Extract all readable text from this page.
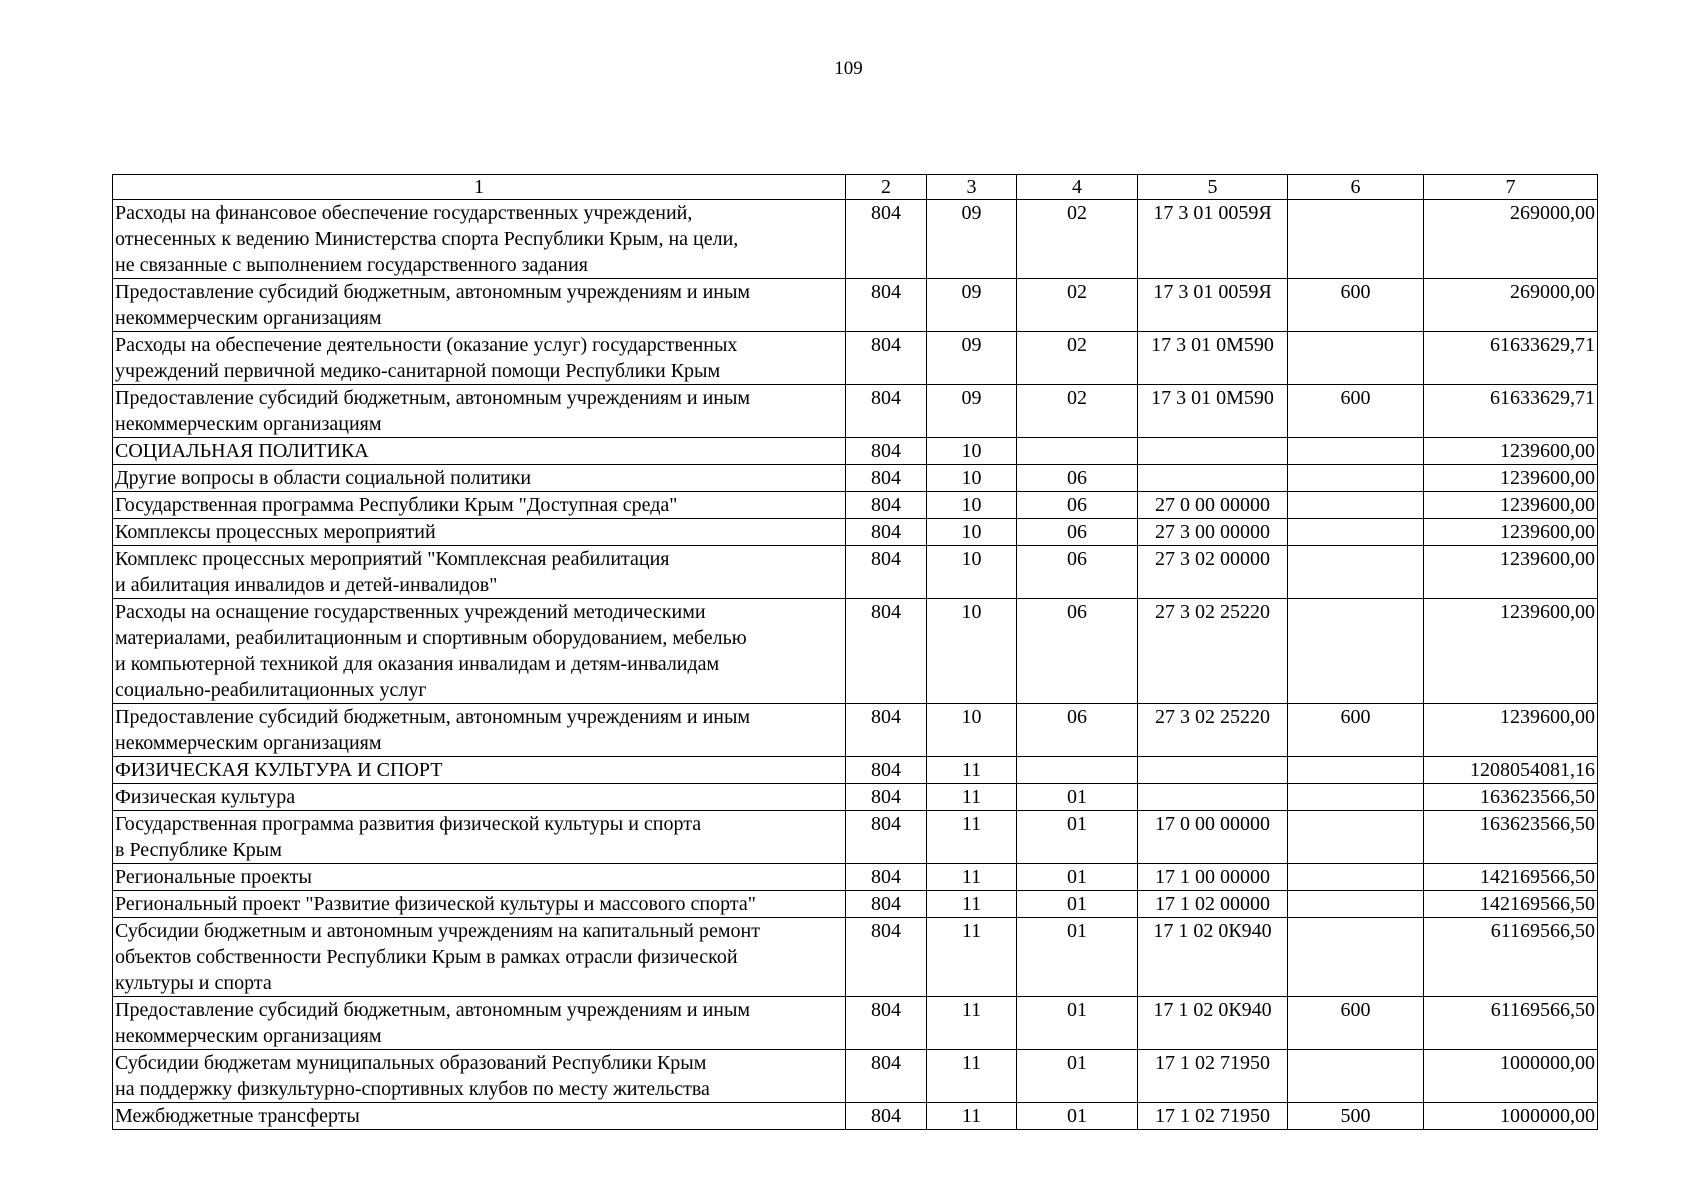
109
1	2	3	4	5	6	7

Расходы на финансовое обеспечение государственных учреждений,
отнесенных к ведению Министерства спорта Республики Крым, на цели,
не связанные с выполнением государственного задания	804	09	02	17 3 01 0059Я		269000,00

Предоставление субсидий бюджетным, автономным учреждениям и иным
некоммерческим организациям	804	09	02	17 3 01 0059Я	600	269000,00

Расходы на обеспечение деятельности (оказание услуг) государственных
учреждений первичной медико-санитарной помощи Республики Крым	804	09	02	17 3 01 0М590		61633629,71

Предоставление субсидий бюджетным, автономным учреждениям и иным
некоммерческим организациям	804	09	02	17 3 01 0М590	600	61633629,71

СОЦИАЛЬНАЯ ПОЛИТИКА	804	10				1239600,00

Другие вопросы в области социальной политики	804	10	06			1239600,00

Государственная программа Республики Крым "Доступная среда"	804	10	06	27 0 00 00000		1239600,00

Комплексы процессных мероприятий	804	10	06	27 3 00 00000		1239600,00

Комплекс процессных мероприятий "Комплексная реабилитация
и абилитация инвалидов и детей-инвалидов"	804	10	06	27 3 02 00000		1239600,00

Расходы на оснащение государственных учреждений методическими
материалами, реабилитационным и спортивным оборудованием, мебелью
и компьютерной техникой для оказания инвалидам и детям-инвалидам
социально-реабилитационных услуг	804	10	06	27 3 02 25220		1239600,00

Предоставление субсидий бюджетным, автономным учреждениям и иным
некоммерческим организациям	804	10	06	27 3 02 25220	600	1239600,00

ФИЗИЧЕСКАЯ КУЛЬТУРА И СПОРТ	804	11				1208054081,16

Физическая культура	804	11	01			163623566,50

Государственная программа развития физической культуры и спорта
в Республике Крым	804	11	01	17 0 00 00000		163623566,50

Региональные проекты	804	11	01	17 1 00 00000		142169566,50

Региональный проект "Развитие физической культуры и массового спорта"	804	11	01	17 1 02 00000		142169566,50

Субсидии бюджетным и автономным учреждениям на капитальный ремонт
объектов собственности Республики Крым в рамках отрасли физической
культуры и спорта	804	11	01	17 1 02 0К940		61169566,50

Предоставление субсидий бюджетным, автономным учреждениям и иным
некоммерческим организациям	804	11	01	17 1 02 0К940	600	61169566,50

Субсидии бюджетам муниципальных образований Республики Крым
на поддержку физкультурно-спортивных клубов по месту жительства	804	11	01	17 1 02 71950		1000000,00

Межбюджетные трансферты	804	11	01	17 1 02 71950	500	1000000,00
